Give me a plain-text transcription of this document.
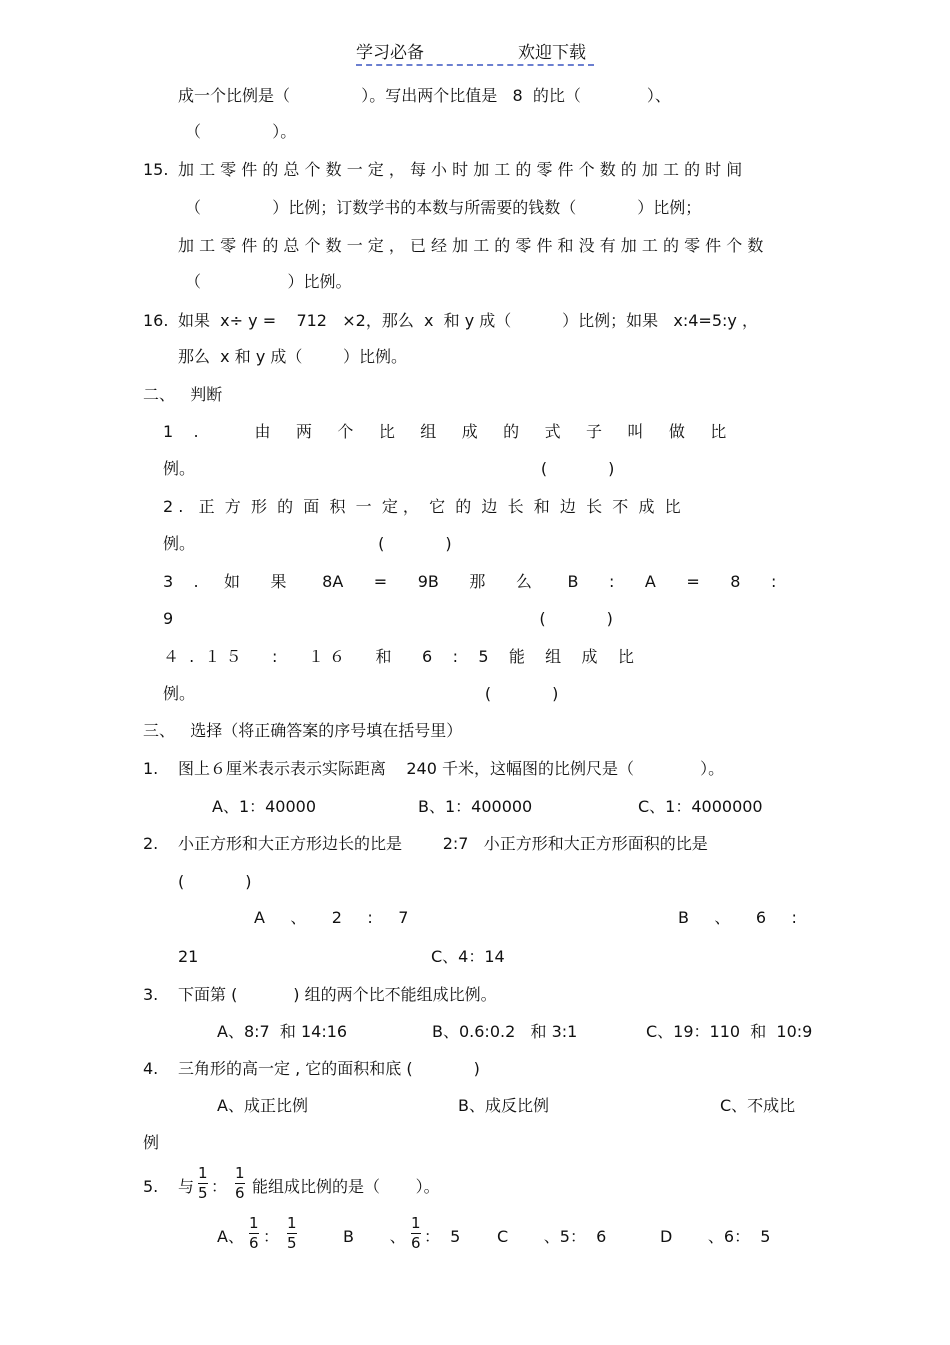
学习必备	欢迎下载
成一个比例是（              ）。写出两个比值是   8  的比（             ）、
（              ）。
15. 加 工 零 件 的 总 个 数 一 定 ， 每 小 时 加 工 的 零 件 个 数 的 加 工 的 时 间
（              ）比例；订数学书的本数与所需要的钱数（            ）比例；
加 工 零 件 的 总 个 数 一 定 ， 已 经 加 工 的 零 件 和 没 有 加 工 的 零 件 个 数
（                 ）比例。
16. 如果  x÷ y =    712   ×2，那么  x  和 y 成（          ）比例；如果   x:4=5:y ，
那么  x 和 y 成（        ）比例。
二、   判断
1    .           由     两     个     比     组     成     的     式     子     叫     做     比
例。                                                                    (            )
2 .   正  方  形  的  面  积  一  定 ，  它  的  边  长  和  边  长  不  成  比
例。                                    (            )
3    .     如      果       8A      =      9B      那      么       B      :      A      =      8      :
9                                                                        (            )
４  .  １ ５      :      １ ６      和      6    :    5    能    组    成    比
例。                                                         (            )
三、   选择（将正确答案的序号填在括号里）
1. 图上６厘米表示表示实际距离    240 千米，这幅图的比例尺是（             ）。
A、1：40000	B、1：400000	C、1：4000000
2. 小正方形和大正方形边长的比是        2:7   小正方形和大正方形面积的比是
(            )
A     、     2     :     7	B     、     6     :
21	C、4：14
3. 下面第 (           ) 组的两个比不能组成比例。
A、8:7  和 14:16	B、0.6:0.2   和 3:1	C、19：110  和  10:9
4. 三角形的高一定 , 它的面积和底 (            )
A、成正比例	B、成反比例	C、不成比
例
5. 与
1
5 ：
1
6 能组成比例的是（       ）。
A、
1
6 ：
1
5	B       、
1
6 ：  5 C       、5：  6	D       、6：  5
